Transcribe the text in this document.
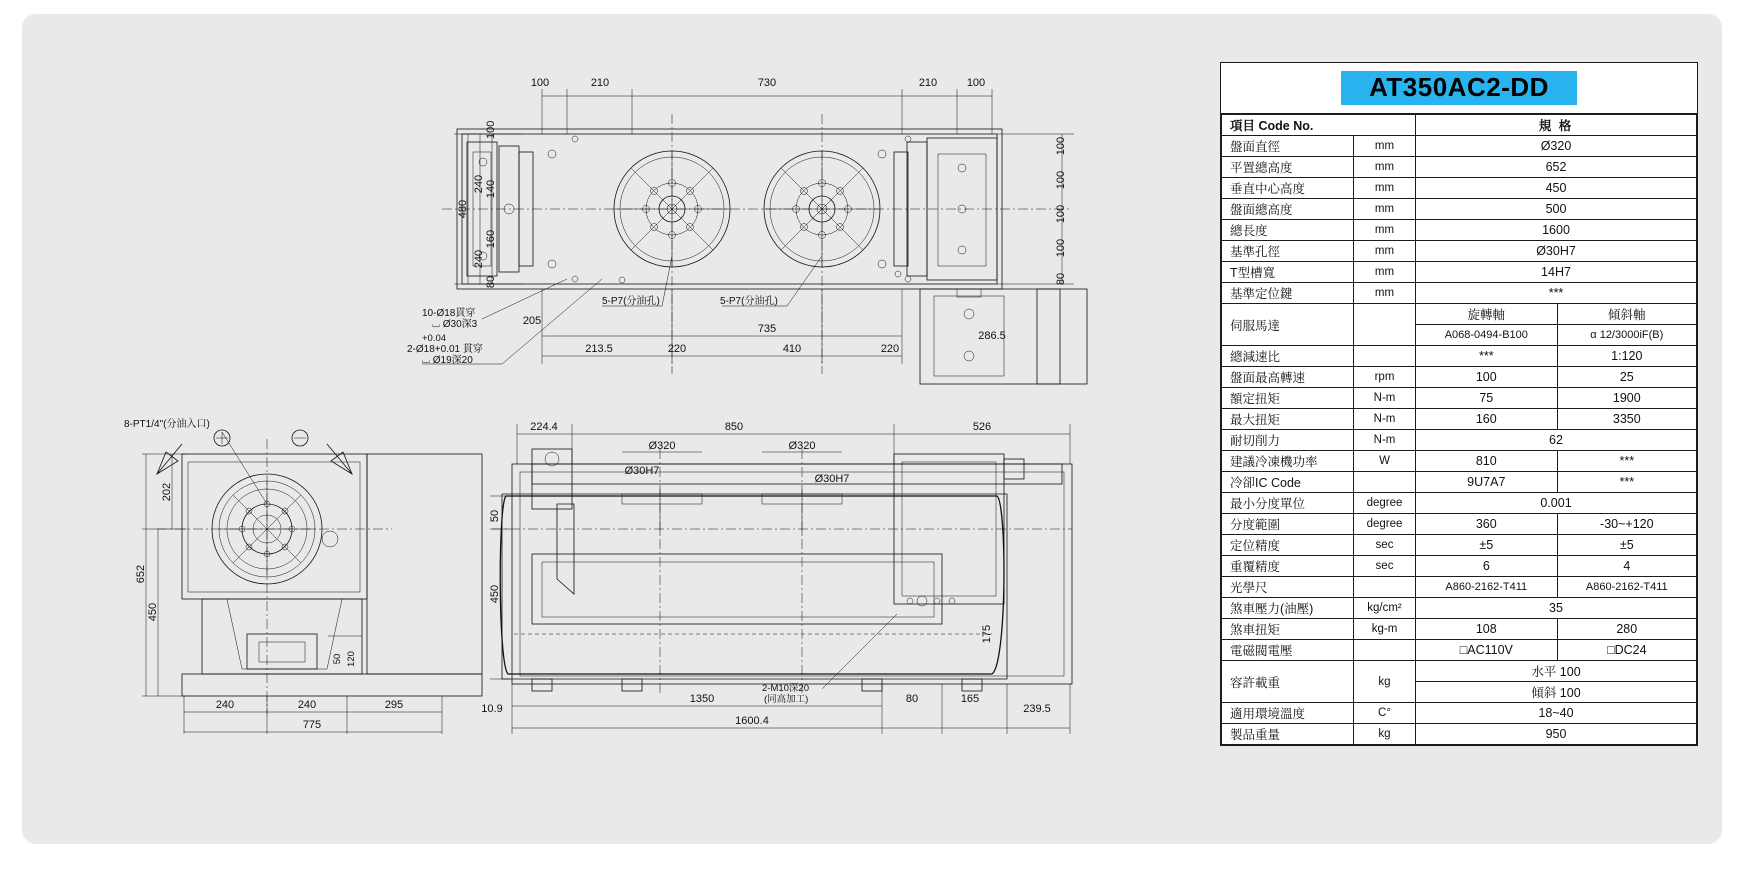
100	210	730	210	100
100
240 140
480
160
240
80
100
100
100
100
80
213.5	220	410	220
735
205
286.5
10-Ø18貫穿
⌴ Ø30深3
+0.04
2-Ø18+0.01 貫穿
⌴ Ø19深20
5-P7(分油孔)	5-P7(分油孔)
8-PT1/4"(分油入口)
202
652
450
50 120
240	240	295
775
224.4	850	526
Ø320	Ø320
Ø30H7
Ø30H7
50
450
175
10.9
1350	80	165
239.5
1600.4
2-M10深20
(同高加工)
AT350AC2-DD
項目 Code No.		規 格	
盤面直徑	mm	Ø320	
平置總高度	mm	652	
垂直中心高度	mm	450	
盤面總高度	mm	500	
總長度	mm	1600	
基準孔徑	mm	Ø30H7	
T型槽寬	mm	14H7	
基準定位鍵	mm	***	
伺服馬達		旋轉軸	傾斜軸
		A068-0494-B100	α 12/3000iF(B)
總減速比		***	1:120
盤面最高轉速	rpm	100	25
額定扭矩	N-m	75	1900
最大扭矩	N-m	160	3350
耐切削力	N-m	62	
建議冷凍機功率	W	810	***
冷卻IC Code		9U7A7	***
最小分度單位	degree	0.001	
分度範圍	degree	360	-30~+120
定位精度	sec	±5	±5
重覆精度	sec	6	4
光學尺		A860-2162-T411	A860-2162-T411
煞車壓力(油壓)	kg/cm²	35	
煞車扭矩	kg-m	108	280
電磁閥電壓		□AC110V	□DC24
容許載重	kg	水平 100	
		傾斜 100	
適用環境溫度	C°	18~40	
製品重量	kg	950	
